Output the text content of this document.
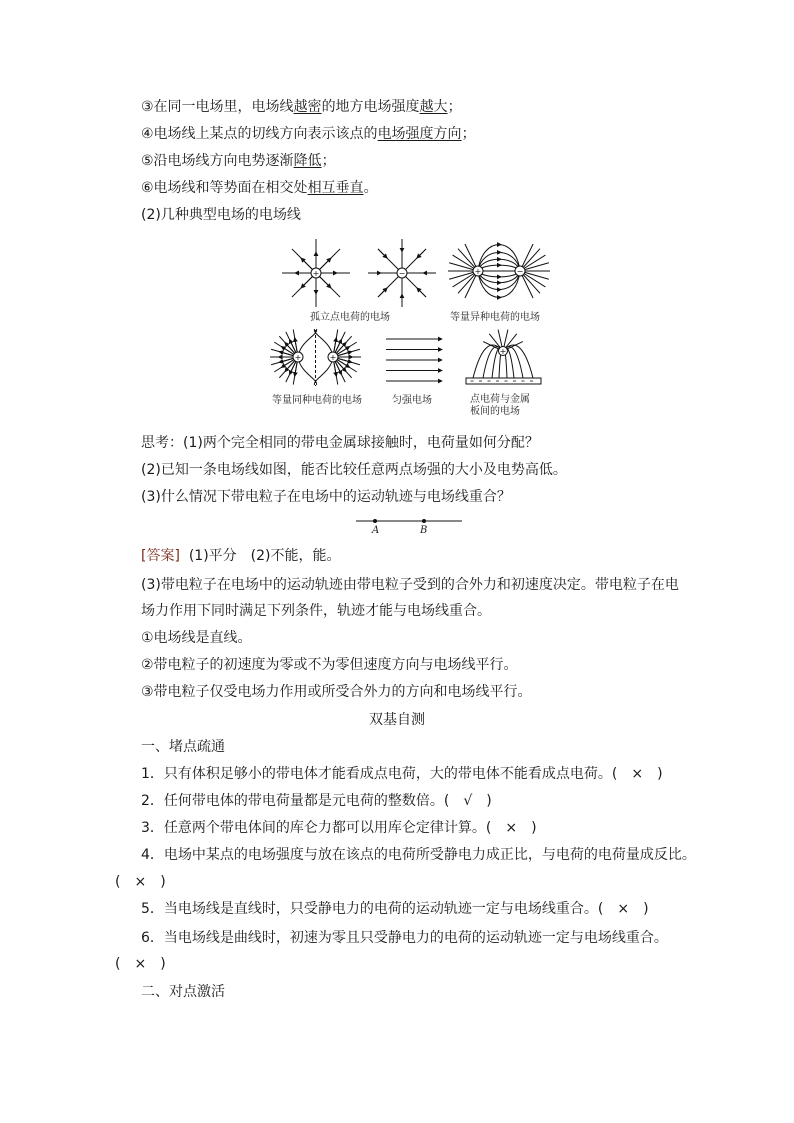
③在同一电场里，电场线越密的地方电场强度越大；
④电场线上某点的切线方向表示该点的电场强度方向；
⑤沿电场线方向电势逐渐降低；
⑥电场线和等势面在相交处相互垂直。
(2)几种典型电场的电场线
+	−	+	−
+	+
+
孤立点电荷的电场	等量异种电荷的电场
等量同种电荷的电场	匀强电场	点电荷与金属
板间的电场
思考：(1)两个完全相同的带电金属球接触时，电荷量如何分配？
(2)已知一条电场线如图，能否比较任意两点场强的大小及电势高低。
(3)什么情况下带电粒子在电场中的运动轨迹与电场线重合？
A	B
[答案] (1)平分　(2)不能，能。
(3)带电粒子在电场中的运动轨迹由带电粒子受到的合外力和初速度决定。带电粒子在电
场力作用下同时满足下列条件，轨迹才能与电场线重合。
①电场线是直线。
②带电粒子的初速度为零或不为零但速度方向与电场线平行。
③带电粒子仅受电场力作用或所受合外力的方向和电场线平行。
双基自测
一、堵点疏通
1．只有体积足够小的带电体才能看成点电荷，大的带电体不能看成点电荷。(　×　)
2．任何带电体的带电荷量都是元电荷的整数倍。(　√　)
3．任意两个带电体间的库仑力都可以用库仑定律计算。(　×　)
4．电场中某点的电场强度与放在该点的电荷所受静电力成正比，与电荷的电荷量成反比。
(　×　)
5．当电场线是直线时，只受静电力的电荷的运动轨迹一定与电场线重合。(　×　)
6．当电场线是曲线时，初速为零且只受静电力的电荷的运动轨迹一定与电场线重合。
(　×　)
二、对点激活
